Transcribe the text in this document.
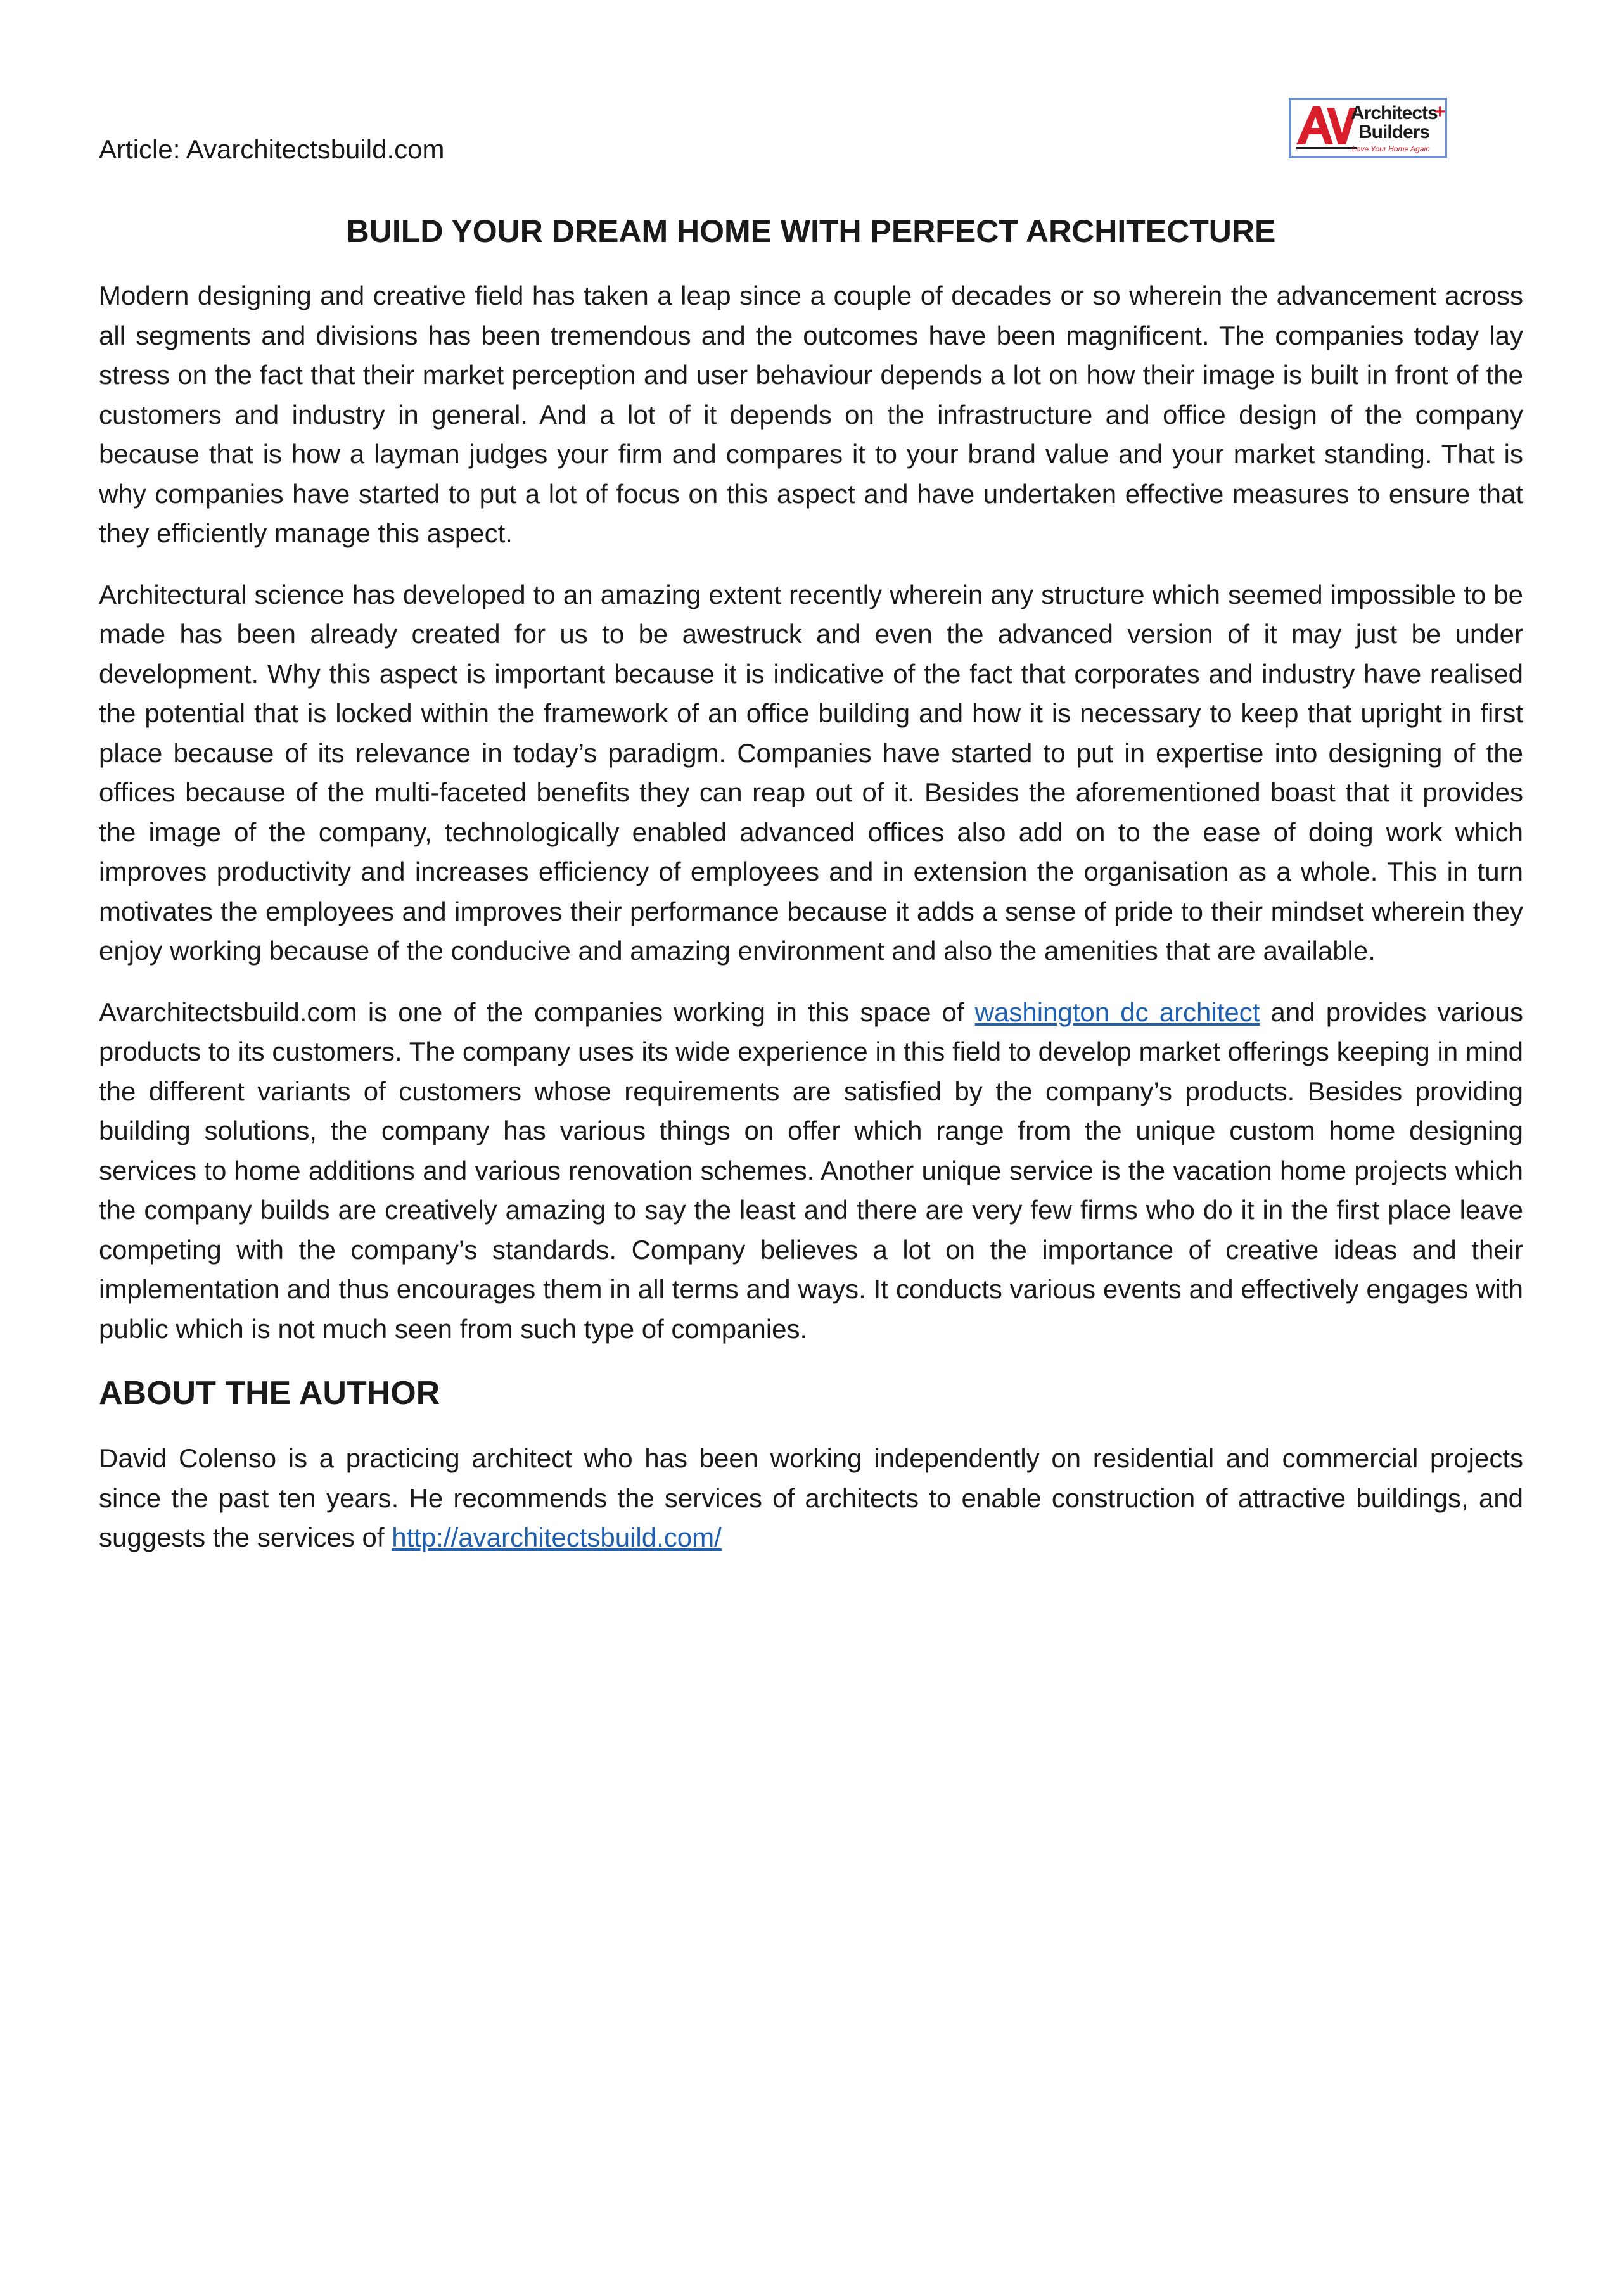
Article: Avarchitectsbuild.com
Architects
+
Builders
Love Your Home Again
BUILD YOUR DREAM HOME WITH PERFECT ARCHITECTURE

Modern designing and creative field has taken a leap since a couple of decades or so wherein the advancement across all segments and divisions has been tremendous and the outcomes have been magnificent. The companies today lay stress on the fact that their market perception and user behaviour depends a lot on how their image is built in front of the customers and industry in general. And a lot of it depends on the infrastructure and office design of the company because that is how a layman judges your firm and compares it to your brand value and your market standing. That is why companies have started to put a lot of focus on this aspect and have undertaken effective measures to ensure that they efficiently manage this aspect.

Architectural science has developed to an amazing extent recently wherein any structure which seemed impossible to be made has been already created for us to be awestruck and even the advanced version of it may just be under development. Why this aspect is important because it is indicative of the fact that corporates and industry have realised the potential that is locked within the framework of an office building and how it is necessary to keep that upright in first place because of its relevance in today’s paradigm. Companies have started to put in expertise into designing of the offices because of the multi-faceted benefits they can reap out of it. Besides the aforementioned boast that it provides the image of the company, technologically enabled advanced offices also add on to the ease of doing work which improves productivity and increases efficiency of employees and in extension the organisation as a whole. This in turn motivates the employees and improves their performance because it adds a sense of pride to their mindset wherein they enjoy working because of the conducive and amazing environment and also the amenities that are available.

Avarchitectsbuild.com is one of the companies working in this space of washington dc architect and provides various products to its customers. The company uses its wide experience in this field to develop market offerings keeping in mind the different variants of customers whose requirements are satisfied by the company’s products. Besides providing building solutions, the company has various things on offer which range from the unique custom home designing services to home additions and various renovation schemes. Another unique service is the vacation home projects which the company builds are creatively amazing to say the least and there are very few firms who do it in the first place leave competing with the company’s standards. Company believes a lot on the importance of creative ideas and their implementation and thus encourages them in all terms and ways. It conducts various events and effectively engages with public which is not much seen from such type of companies.

ABOUT THE AUTHOR

David Colenso is a practicing architect who has been working independently on residential and commercial projects since the past ten years. He recommends the services of architects to enable construction of attractive buildings, and suggests the services of http://avarchitectsbuild.com/
